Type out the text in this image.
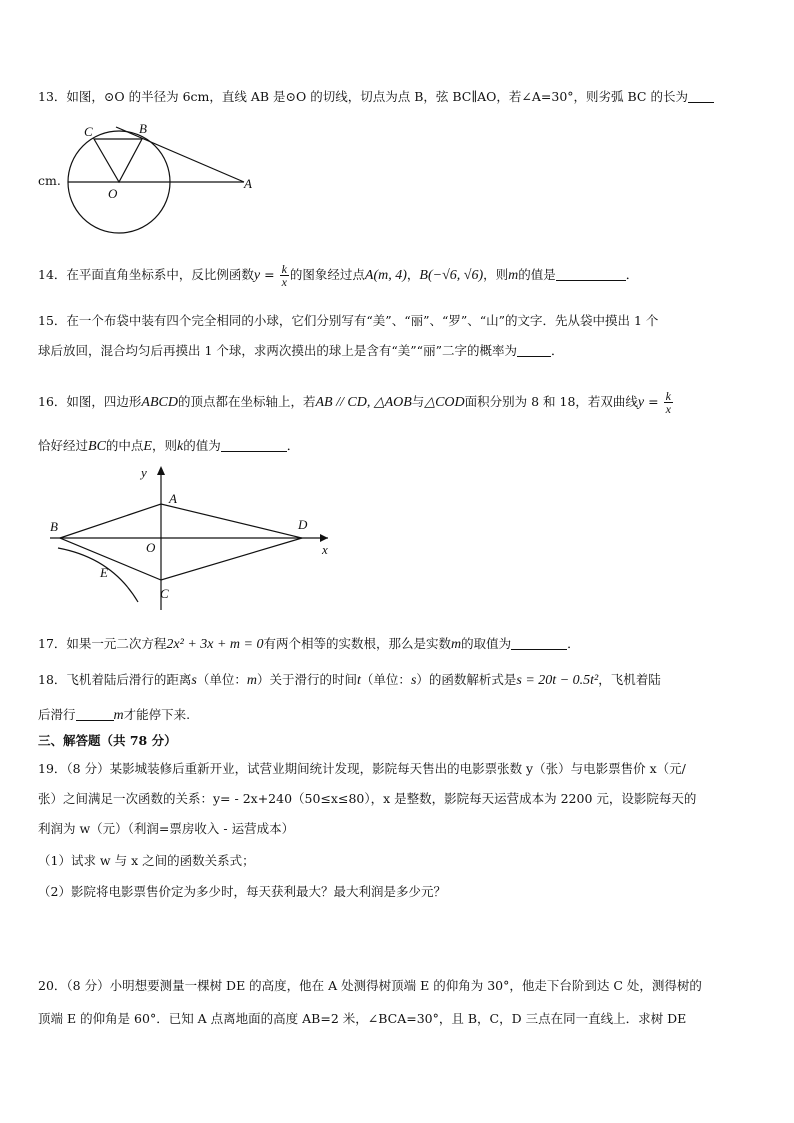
13．如图，⊙O 的半径为 6cm，直线 AB 是⊙O 的切线，切点为点 B，弦 BC∥AO，若∠A=30°，则劣弧 BC 的长为
cm.
C	B
O
A
14．在平面直角坐标系中，反比例函数$y = \frac{k}{x}$ 的图象经过点A(m, 4)，B(−√6, √6)，则m的值是	．
15．在一个布袋中装有四个完全相同的小球，它们分别写有“美”、“丽”、“罗”、“山”的文字．先从袋中摸出 1 个
球后放回，混合均匀后再摸出 1 个球，求两次摸出的球上是含有“美”“丽”二字的概率为	．
16．如图，四边形ABCD的顶点都在坐标轴上，若AB // CD, △AOB与△COD面积分别为 8 和 18，若双曲线$y = \frac{k}{x}$
恰好经过BC的中点E，则k的值为	．
y
x
A
B
C
D
O
E
17．如果一元二次方程2x² + 3x + m = 0有两个相等的实数根，那么是实数m的取值为	．
18．飞机着陆后滑行的距离s（单位：m）关于滑行的时间t（单位：s）的函数解析式是s = 20t − 0.5t²，飞机着陆
后滑行	m才能停下来.
三、解答题（共 78 分）
19．（8 分）某影城装修后重新开业，试营业期间统计发现，影院每天售出的电影票张数 y（张）与电影票售价 x（元/
张）之间满足一次函数的关系：y= - 2x+240（50≤x≤80），x 是整数，影院每天运营成本为 2200 元，设影院每天的
利润为 w（元）（利润=票房收入 - 运营成本）
（1）试求 w 与 x 之间的函数关系式；
（2）影院将电影票售价定为多少时，每天获利最大？最大利润是多少元？
20．（8 分）小明想要测量一棵树 DE 的高度，他在 A 处测得树顶端 E 的仰角为 30°，他走下台阶到达 C 处，测得树的
顶端 E 的仰角是 60°．已知 A 点离地面的高度 AB=2 米，∠BCA=30°，且 B，C，D 三点在同一直线上．求树 DE
